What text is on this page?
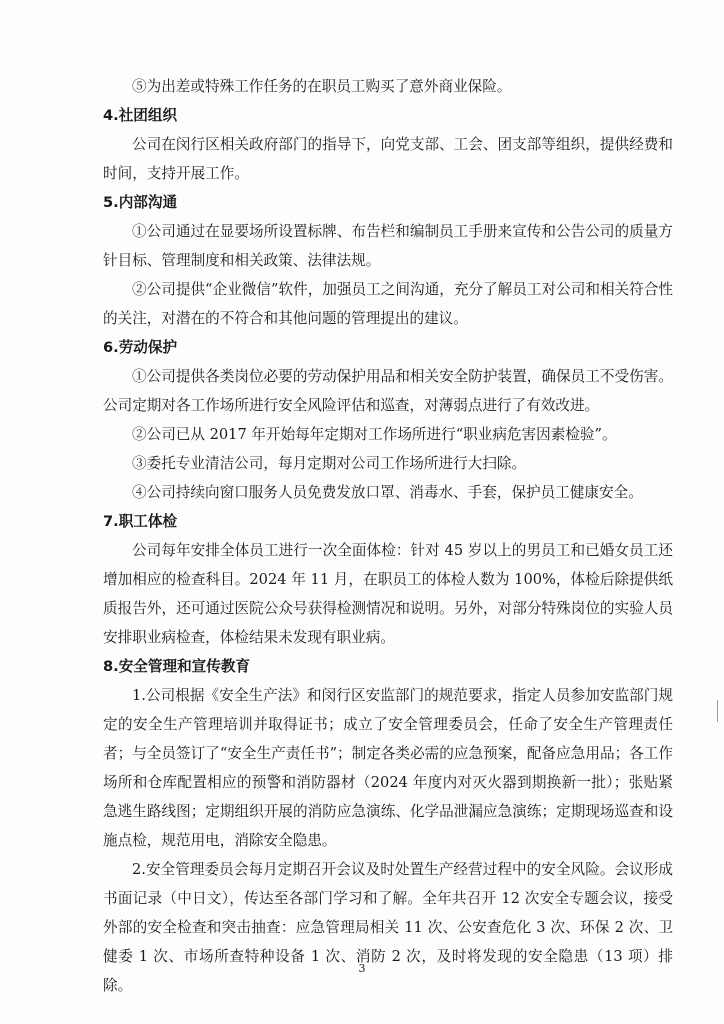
⑤为出差或特殊工作任务的在职员工购买了意外商业保险。

4.社团组织

公司在闵行区相关政府部门的指导下，向党支部、工会、团支部等组织，提供经费和时间，支持开展工作。

5.内部沟通

①公司通过在显要场所设置标牌、布告栏和编制员工手册来宣传和公告公司的质量方针目标、管理制度和相关政策、法律法规。

②公司提供“企业微信”软件，加强员工之间沟通，充分了解员工对公司和相关符合性的关注，对潜在的不符合和其他问题的管理提出的建议。

6.劳动保护

①公司提供各类岗位必要的劳动保护用品和相关安全防护装置，确保员工不受伤害。公司定期对各工作场所进行安全风险评估和巡查，对薄弱点进行了有效改进。

②公司已从 2017 年开始每年定期对工作场所进行“职业病危害因素检验”。

③委托专业清洁公司，每月定期对公司工作场所进行大扫除。

④公司持续向窗口服务人员免费发放口罩、消毒水、手套，保护员工健康安全。

7.职工体检

公司每年安排全体员工进行一次全面体检：针对 45 岁以上的男员工和已婚女员工还增加相应的检查科目。2024 年 11 月，在职员工的体检人数为 100%，体检后除提供纸质报告外，还可通过医院公众号获得检测情况和说明。另外，对部分特殊岗位的实验人员安排职业病检查，体检结果未发现有职业病。

8.安全管理和宣传教育

1.公司根据《安全生产法》和闵行区安监部门的规范要求，指定人员参加安监部门规定的安全生产管理培训并取得证书；成立了安全管理委员会，任命了安全生产管理责任者；与全员签订了“安全生产责任书”；制定各类必需的应急预案，配备应急用品；各工作场所和仓库配置相应的预警和消防器材（2024 年度内对灭火器到期换新一批）；张贴紧急逃生路线图；定期组织开展的消防应急演练、化学品泄漏应急演练；定期现场巡查和设施点检，规范用电，消除安全隐患。

2.安全管理委员会每月定期召开会议及时处置生产经营过程中的安全风险。会议形成书面记录（中日文），传达至各部门学习和了解。全年共召开 12 次安全专题会议，接受外部的安全检查和突击抽查：应急管理局相关 11 次、公安查危化 3 次、环保 2 次、卫健委 1 次、市场所查特种设备 1 次、消防 2 次，及时将发现的安全隐患（13 项）排除。

3
